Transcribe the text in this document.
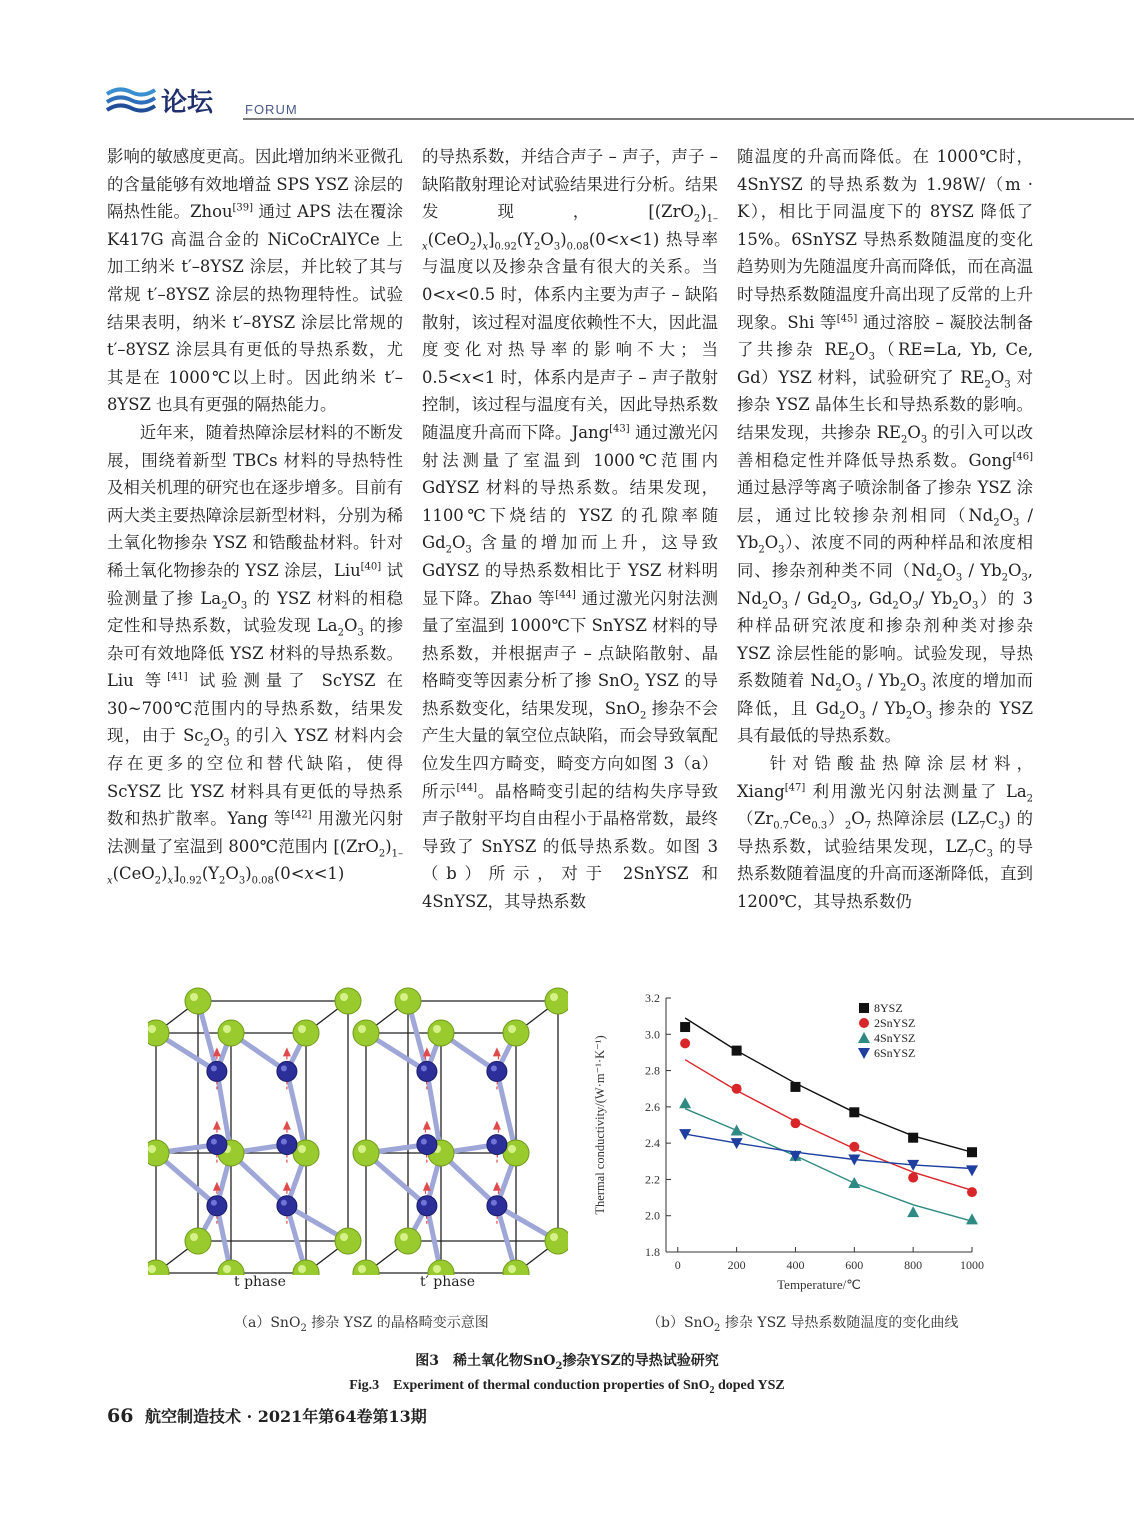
论坛 FORUM

影响的敏感度更高。因此增加纳米亚微孔的含量能够有效地增益 SPS YSZ 涂层的隔热性能。Zhou[39] 通过 APS 法在覆涂 K417G 高温合金的 NiCoCrAlYCe 上加工纳米 t′–8YSZ 涂层，并比较了其与常规 t′–8YSZ 涂层的热物理特性。试验结果表明，纳米 t′–8YSZ 涂层比常规的 t′–8YSZ 涂层具有更低的导热系数，尤其是在 1000℃以上时。因此纳米 t′–8YSZ 也具有更强的隔热能力。

近年来，随着热障涂层材料的不断发展，围绕着新型 TBCs 材料的导热特性及相关机理的研究也在逐步增多。目前有两大类主要热障涂层新型材料，分别为稀土氧化物掺杂 YSZ 和锆酸盐材料。针对稀土氧化物掺杂的 YSZ 涂层，Liu[40] 试验测量了掺 $La_2O_3$ 的 YSZ 材料的相稳定性和导热系数，试验发现 $La_2O_3$ 的掺杂可有效地降低 YSZ 材料的导热系数。Liu 等[41] 试验测量了 ScYSZ 在 30~700℃范围内的导热系数，结果发现，由于 $Sc_2O_3$ 的引入 YSZ 材料内会存在更多的空位和替代缺陷，使得 ScYSZ 比 YSZ 材料具有更低的导热系数和热扩散率。Yang 等[42] 用激光闪射法测量了室温到 800℃范围内 $[(ZrO_2)_{1-x}(CeO_2)_x]_{0.92}(Y_2O_3)_{0.08}(0<x<1)$

的导热系数，并结合声子 – 声子，声子 – 缺陷散射理论对试验结果进行分析。结果发现，$[(ZrO_2)_{1-x}(CeO_2)_x]_{0.92}(Y_2O_3)_{0.08}(0<x<1)$ 热导率与温度以及掺杂含量有很大的关系。当 0<x<0.5 时，体系内主要为声子 – 缺陷散射，该过程对温度依赖性不大，因此温度变化对热导率的影响不大；当 0.5<x<1 时，体系内是声子 – 声子散射控制，该过程与温度有关，因此导热系数随温度升高而下降。Jang[43] 通过激光闪射法测量了室温到 1000℃范围内 GdYSZ 材料的导热系数。结果发现，1100℃下烧结的 YSZ 的孔隙率随 $Gd_2O_3$ 含量的增加而上升，这导致 GdYSZ 的导热系数相比于 YSZ 材料明显下降。Zhao 等[44] 通过激光闪射法测量了室温到 1000℃下 SnYSZ 材料的导热系数，并根据声子 – 点缺陷散射、晶格畸变等因素分析了掺 SnO$_2$ YSZ 的导热系数变化，结果发现，SnO$_2$ 掺杂不会产生大量的氧空位点缺陷，而会导致氧配位发生四方畸变，畸变方向如图 3（a）所示[44]。晶格畸变引起的结构失序导致声子散射平均自由程小于晶格常数，最终导致了 SnYSZ 的低导热系数。如图 3（b）所示，对于 2SnYSZ 和 4SnYSZ，其导热系数

随温度的升高而降低。在 1000℃时，4SnYSZ 的导热系数为 1.98W/（m · K），相比于同温度下的 8YSZ 降低了 15%。6SnYSZ 导热系数随温度的变化趋势则为先随温度升高而降低，而在高温时导热系数随温度升高出现了反常的上升现象。Shi 等[45] 通过溶胶 – 凝胶法制备了共掺杂 $RE_2O_3(RE=La$, Yb, Ce, Gd）YSZ 材料，试验研究了 $RE_2O_3$ 对掺杂 YSZ 晶体生长和导热系数的影响。结果发现，共掺杂 $RE_2O_3$ 的引入可以改善相稳定性并降低导热系数。Gong[46] 通过悬浮等离子喷涂制备了掺杂 YSZ 涂层，通过比较掺杂剂相同$(Nd_2O_3 / Yb_2O_3)$、浓度不同的两种样品和浓度相同、掺杂剂种类不同（$Nd_2O_3 / Yb_2O_3$, $Nd_2O_3 / Gd_2O_3$, $Gd_2O_3/$ $Yb_2O_3$）的 3 种样品研究浓度和掺杂剂种类对掺杂 YSZ 涂层性能的影响。试验发现，导热系数随着 $Nd_2O_3 / Yb_2O_3$ 浓度的增加而降低，且 $Gd_2O_3 / Yb_2O_3$ 掺杂的 YSZ 具有最低的导热系数。

针对锆酸盐热障涂层材料，Xiang[47] 利用激光闪射法测量了 $La_2(Zr_{0.7}Ce_{0.3})_2O_7$ 热障涂层 $(LZ_7C_3)$ 的导热系数，试验结果发现，$LZ_7C_3$ 的导热系数随着温度的升高而逐渐降低，直到 1200℃，其导热系数仍

t phase	t′ phase
1.8
2.0
2.2
2.4
2.6
2.8
3.0
3.2
0	200	400	600	800	1000
Temperature/℃
Thermal conductivity/(W·m⁻¹·K⁻¹)
8YSZ
2SnYSZ
4SnYSZ
6SnYSZ
（a）SnO$_2$ 掺杂 YSZ 的晶格畸变示意图	（b）SnO$_2$ 掺杂 YSZ 导热系数随温度的变化曲线
图3　稀土氧化物SnO$_2$掺杂YSZ的导热试验研究
Fig.3　Experiment of thermal conduction properties of SnO$_2$ doped YSZ
66 航空制造技术 · 2021年第64卷第13期
